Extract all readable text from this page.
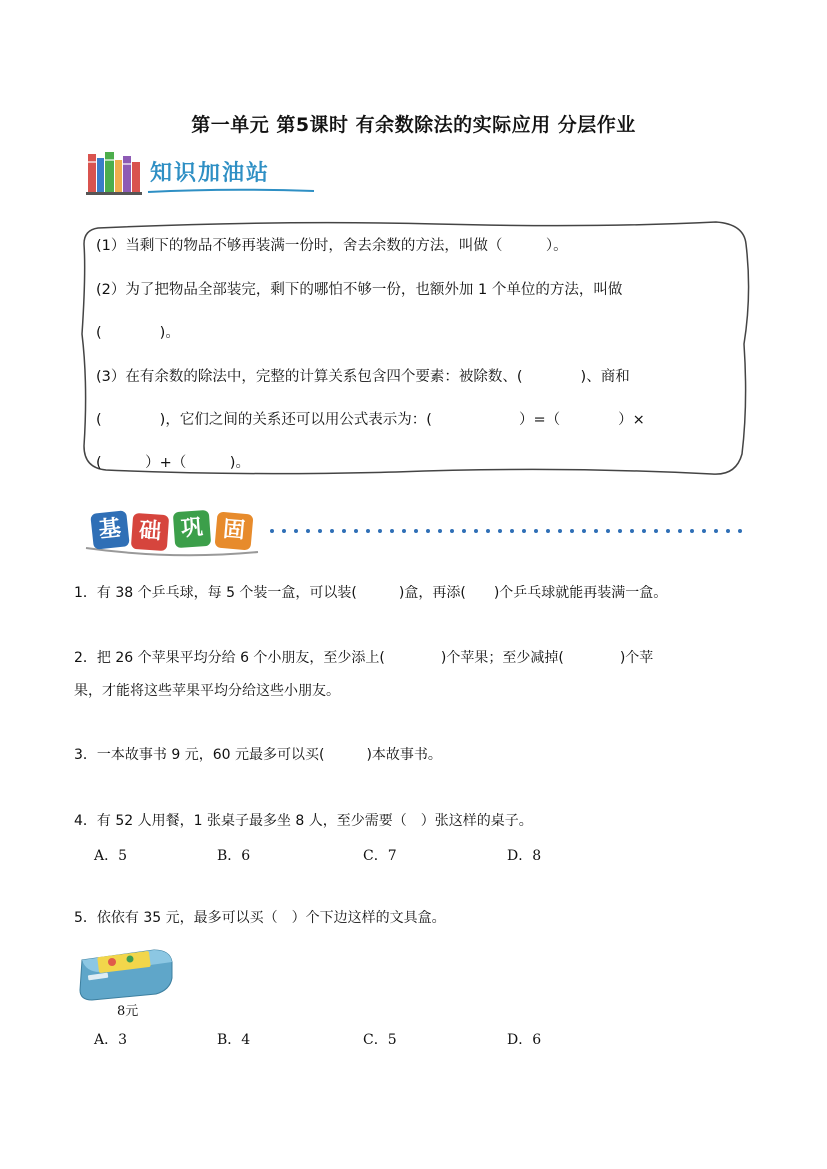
第一单元 第5课时 有余数除法的实际应用 分层作业
知识加油站
(1）当剩下的物品不够再装满一份时，舍去余数的方法，叫做（　　　）。
(2）为了把物品全部装完，剩下的哪怕不够一份，也额外加 1 个单位的方法，叫做
(　　　　)。
(3）在有余数的除法中，完整的计算关系包含四个要素：被除数、(　　　　)、商和
(　　　　)，它们之间的关系还可以用公式表示为：(　　　　　　）=（　　　　）×
(　　　）+（　　　)。
基 础 巩 固
1．有 38 个乒乓球，每 5 个装一盒，可以装(　　　)盒，再添(　　)个乒乓球就能再装满一盒。
2．把 26 个苹果平均分给 6 个小朋友，至少添上(　　　　)个苹果；至少减掉(　　　　)个苹
果，才能将这些苹果平均分给这些小朋友。
3．一本故事书 9 元，60 元最多可以买(　　　)本故事书。
4．有 52 人用餐，1 张桌子最多坐 8 人，至少需要（　）张这样的桌子。
A．5	B．6	C．7	D．8
5．依依有 35 元，最多可以买（　）个下边这样的文具盒。
8元
A．3	B．4	C．5	D．6
